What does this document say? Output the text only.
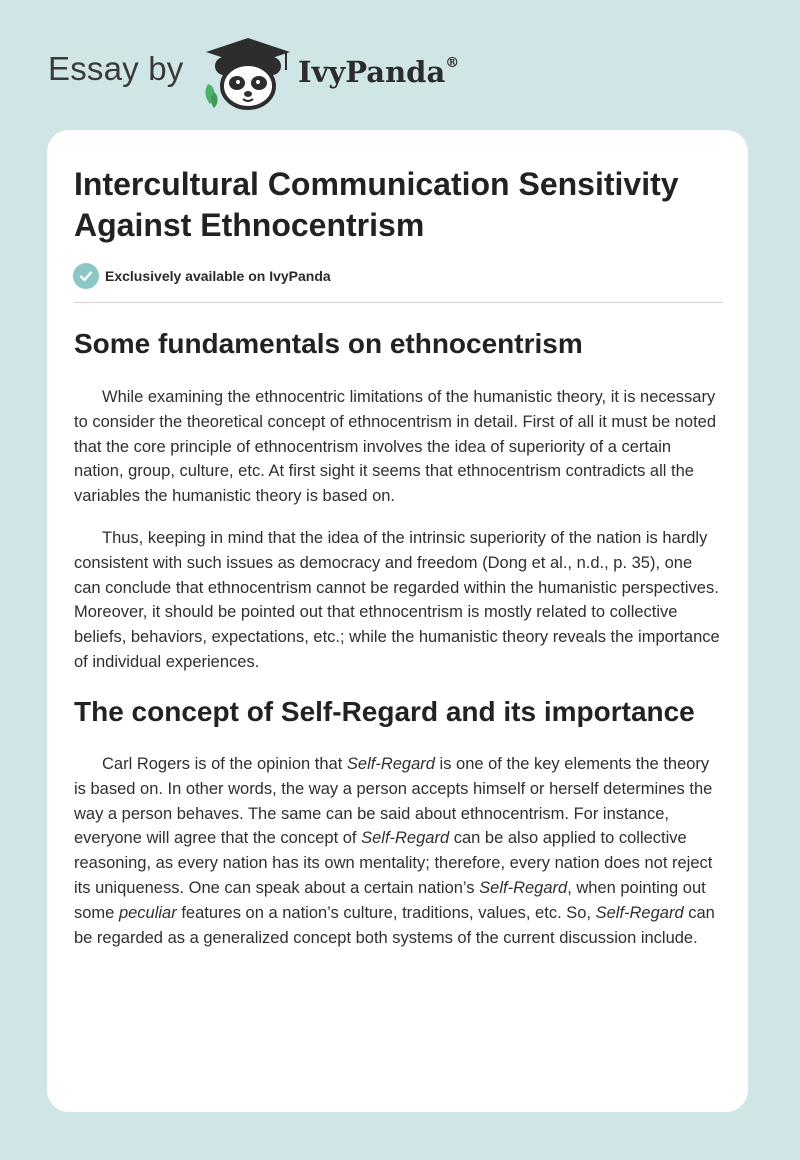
Essay by	IvyPanda®
Intercultural Communication Sensitivity Against Ethnocentrism
Exclusively available on IvyPanda
Some fundamentals on ethnocentrism

While examining the ethnocentric limitations of the humanistic theory, it is necessary to consider the theoretical concept of ethnocentrism in detail. First of all it must be noted that the core principle of ethnocentrism involves the idea of superiority of a certain nation, group, culture, etc. At first sight it seems that ethnocentrism contradicts all the variables the humanistic theory is based on.

Thus, keeping in mind that the idea of the intrinsic superiority of the nation is hardly consistent with such issues as democracy and freedom (Dong et al., n.d., p. 35), one can conclude that ethnocentrism cannot be regarded within the humanistic perspectives. Moreover, it should be pointed out that ethnocentrism is mostly related to collective beliefs, behaviors, expectations, etc.; while the humanistic theory reveals the importance of individual experiences.

The concept of Self-Regard and its importance

Carl Rogers is of the opinion that Self-Regard is one of the key elements the theory is based on. In other words, the way a person accepts himself or herself determines the way a person behaves. The same can be said about ethnocentrism. For instance, everyone will agree that the concept of Self-Regard can be also applied to collective reasoning, as every nation has its own mentality; therefore, every nation does not reject its uniqueness. One can speak about a certain nation’s Self-Regard, when pointing out some peculiar features on a nation’s culture, traditions, values, etc. So, Self-Regard can be regarded as a generalized concept both systems of the current discussion include.
